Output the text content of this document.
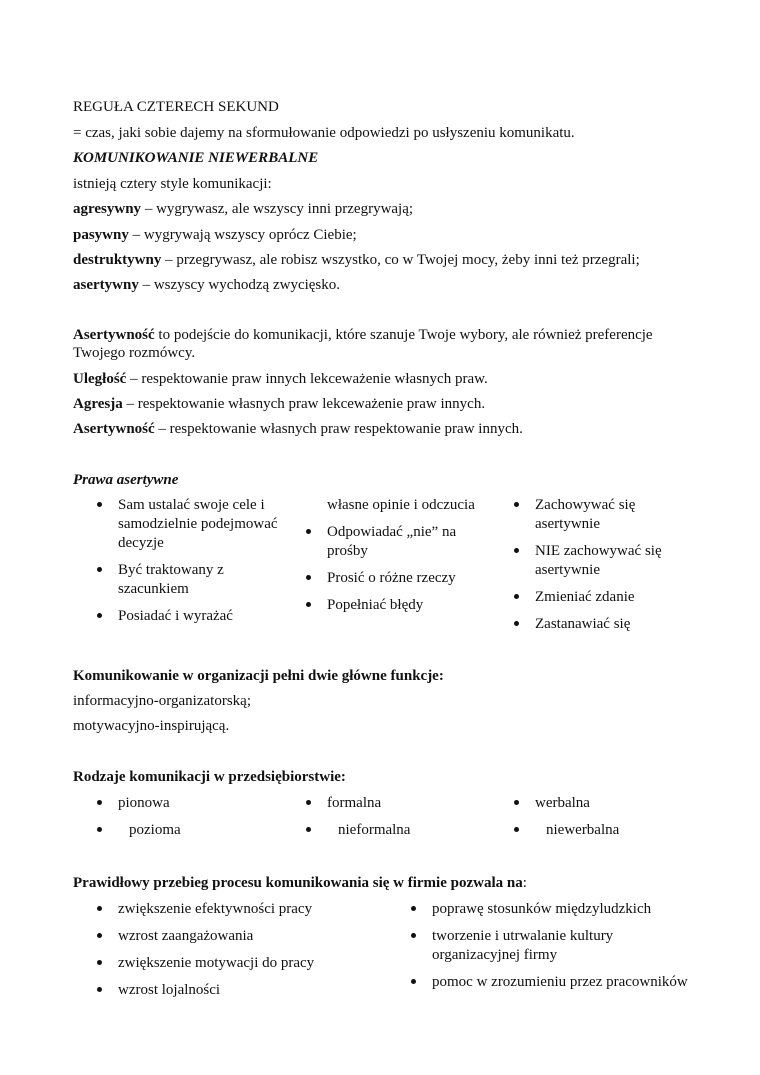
REGUŁA CZTERECH SEKUND
= czas, jaki sobie dajemy na sformułowanie odpowiedzi po usłyszeniu komunikatu.
KOMUNIKOWANIE NIEWERBALNE
istnieją cztery style komunikacji:
agresywny – wygrywasz, ale wszyscy inni przegrywają;
pasywny – wygrywają wszyscy oprócz Ciebie;
destruktywny – przegrywasz, ale robisz wszystko, co w Twojej mocy, żeby inni też przegrali;
asertywny – wszyscy wychodzą zwycięsko.
Asertywność to podejście do komunikacji, które szanuje Twoje wybory, ale również preferencje Twojego rozmówcy.
Uległość – respektowanie praw innych lekceważenie własnych praw.
Agresja – respektowanie własnych praw lekceważenie praw innych.
Asertywność – respektowanie własnych praw respektowanie praw innych.
Prawa asertywne
Sam ustalać swoje cele i samodzielnie podejmować decyzje
Być traktowany z szacunkiem
Posiadać i wyrażać
własne opinie i odczucia
Odpowiadać „nie” na prośby
Prosić o różne rzeczy
Popełniać błędy
Zachowywać się asertywnie
NIE zachowywać się asertywnie
Zmieniać zdanie
Zastanawiać się
Komunikowanie w organizacji pełni dwie główne funkcje:
informacyjno-organizatorską;
motywacyjno-inspirującą.
Rodzaje komunikacji w przedsiębiorstwie:
pionowa
pozioma
formalna
nieformalna
werbalna
niewerbalna
Prawidłowy przebieg procesu komunikowania się w firmie pozwala na:
zwiększenie efektywności pracy
wzrost zaangażowania
zwiększenie motywacji do pracy
wzrost lojalności
poprawę stosunków międzyludzkich
tworzenie i utrwalanie kultury organizacyjnej firmy
pomoc w zrozumieniu przez pracowników
